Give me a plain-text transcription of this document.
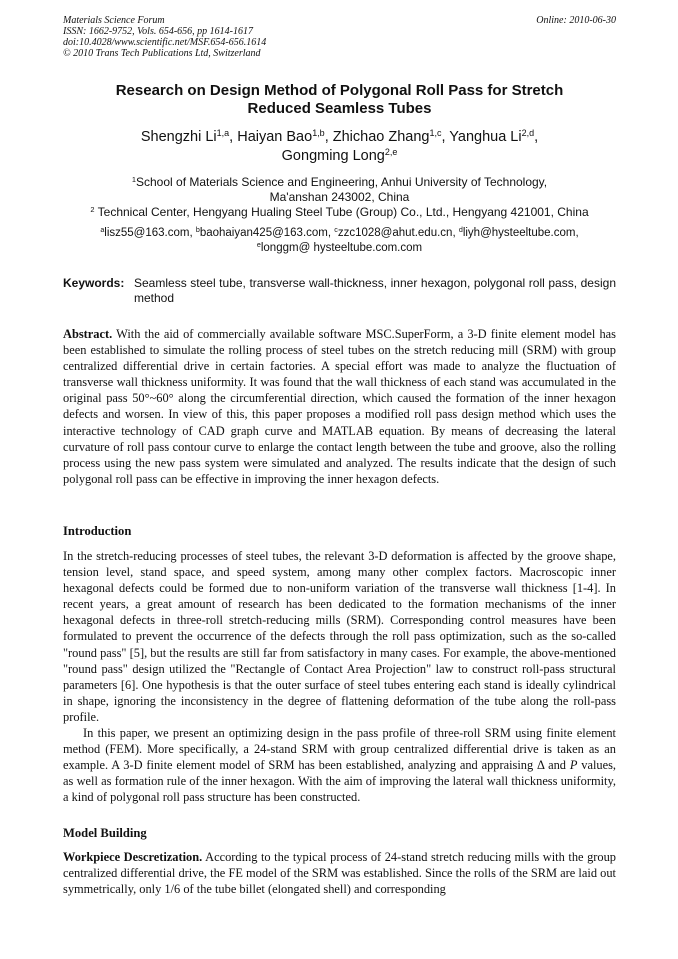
Materials Science Forum
ISSN: 1662-9752, Vols. 654-656, pp 1614-1617
doi:10.4028/www.scientific.net/MSF.654-656.1614
© 2010 Trans Tech Publications Ltd, Switzerland
Online: 2010-06-30
Research on Design Method of Polygonal Roll Pass for Stretch
Reduced Seamless Tubes
Shengzhi Li$^{1,a}$, Haiyan Bao$^{1,b}$, Zhichao Zhang$^{1,c}$, Yanghua Li$^{2,d}$,
Gongming Long$^{2,e}$
$^1$School of Materials Science and Engineering, Anhui University of Technology,
Ma'anshan 243002, China
$^2$ Technical Center, Hengyang Hualing Steel Tube (Group) Co., Ltd., Hengyang 421001, China
$^a$lisz55@163.com, $^b$baohaiyan425@163.com, $^c$zzc1028@ahut.edu.cn, $^d$liyh@hysteeltube.com,
$^e$longgm@ hysteeltube.com.com
Keywords: Seamless steel tube, transverse wall-thickness, inner hexagon, polygonal roll pass, design method
Abstract. With the aid of commercially available software MSC.SuperForm, a 3-D finite element model has been established to simulate the rolling process of steel tubes on the stretch reducing mill (SRM) with group centralized differential drive in certain factories. A special effort was made to analyze the fluctuation of transverse wall thickness uniformity. It was found that the wall thickness of each stand was accumulated in the original pass 50°~60° along the circumferential direction, which caused the formation of the inner hexagon defects and worsen. In view of this, this paper proposes a modified roll pass design method which uses the interactive technology of CAD graph curve and MATLAB equation. By means of decreasing the lateral curvature of roll pass contour curve to enlarge the contact length between the tube and groove, also the rolling process using the new pass system were simulated and analyzed. The results indicate that the design of such polygonal roll pass can be effective in improving the inner hexagon defects.
Introduction
In the stretch-reducing processes of steel tubes, the relevant 3-D deformation is affected by the groove shape, tension level, stand space, and speed system, among many other complex factors. Macroscopic inner hexagonal defects could be formed due to non-uniform variation of the transverse wall thickness [1-4]. In recent years, a great amount of research has been dedicated to the formation mechanisms of the inner hexagonal defects in three-roll stretch-reducing mills (SRM). Corresponding control measures have been formulated to prevent the occurrence of the defects through the roll pass optimization, such as the so-called "round pass" [5], but the results are still far from satisfactory in many cases. For example, the above-mentioned "round pass" design utilized the "Rectangle of Contact Area Projection" law to construct roll-pass structural parameters [6]. One hypothesis is that the outer surface of steel tubes entering each stand is ideally cylindrical in shape, ignoring the inconsistency in the degree of flattening deformation of the tube along the roll-pass profile.
In this paper, we present an optimizing design in the pass profile of three-roll SRM using finite element method (FEM). More specifically, a 24-stand SRM with group centralized differential drive is taken as an example. A 3-D finite element model of SRM has been established, analyzing and appraising Δ and P values, as well as formation rule of the inner hexagon. With the aim of improving the lateral wall thickness uniformity, a kind of polygonal roll pass structure has been constructed.
Model Building
Workpiece Descretization. According to the typical process of 24-stand stretch reducing mills with the group centralized differential drive, the FE model of the SRM was established. Since the rolls of the SRM are laid out symmetrically, only 1/6 of the tube billet (elongated shell) and corresponding
